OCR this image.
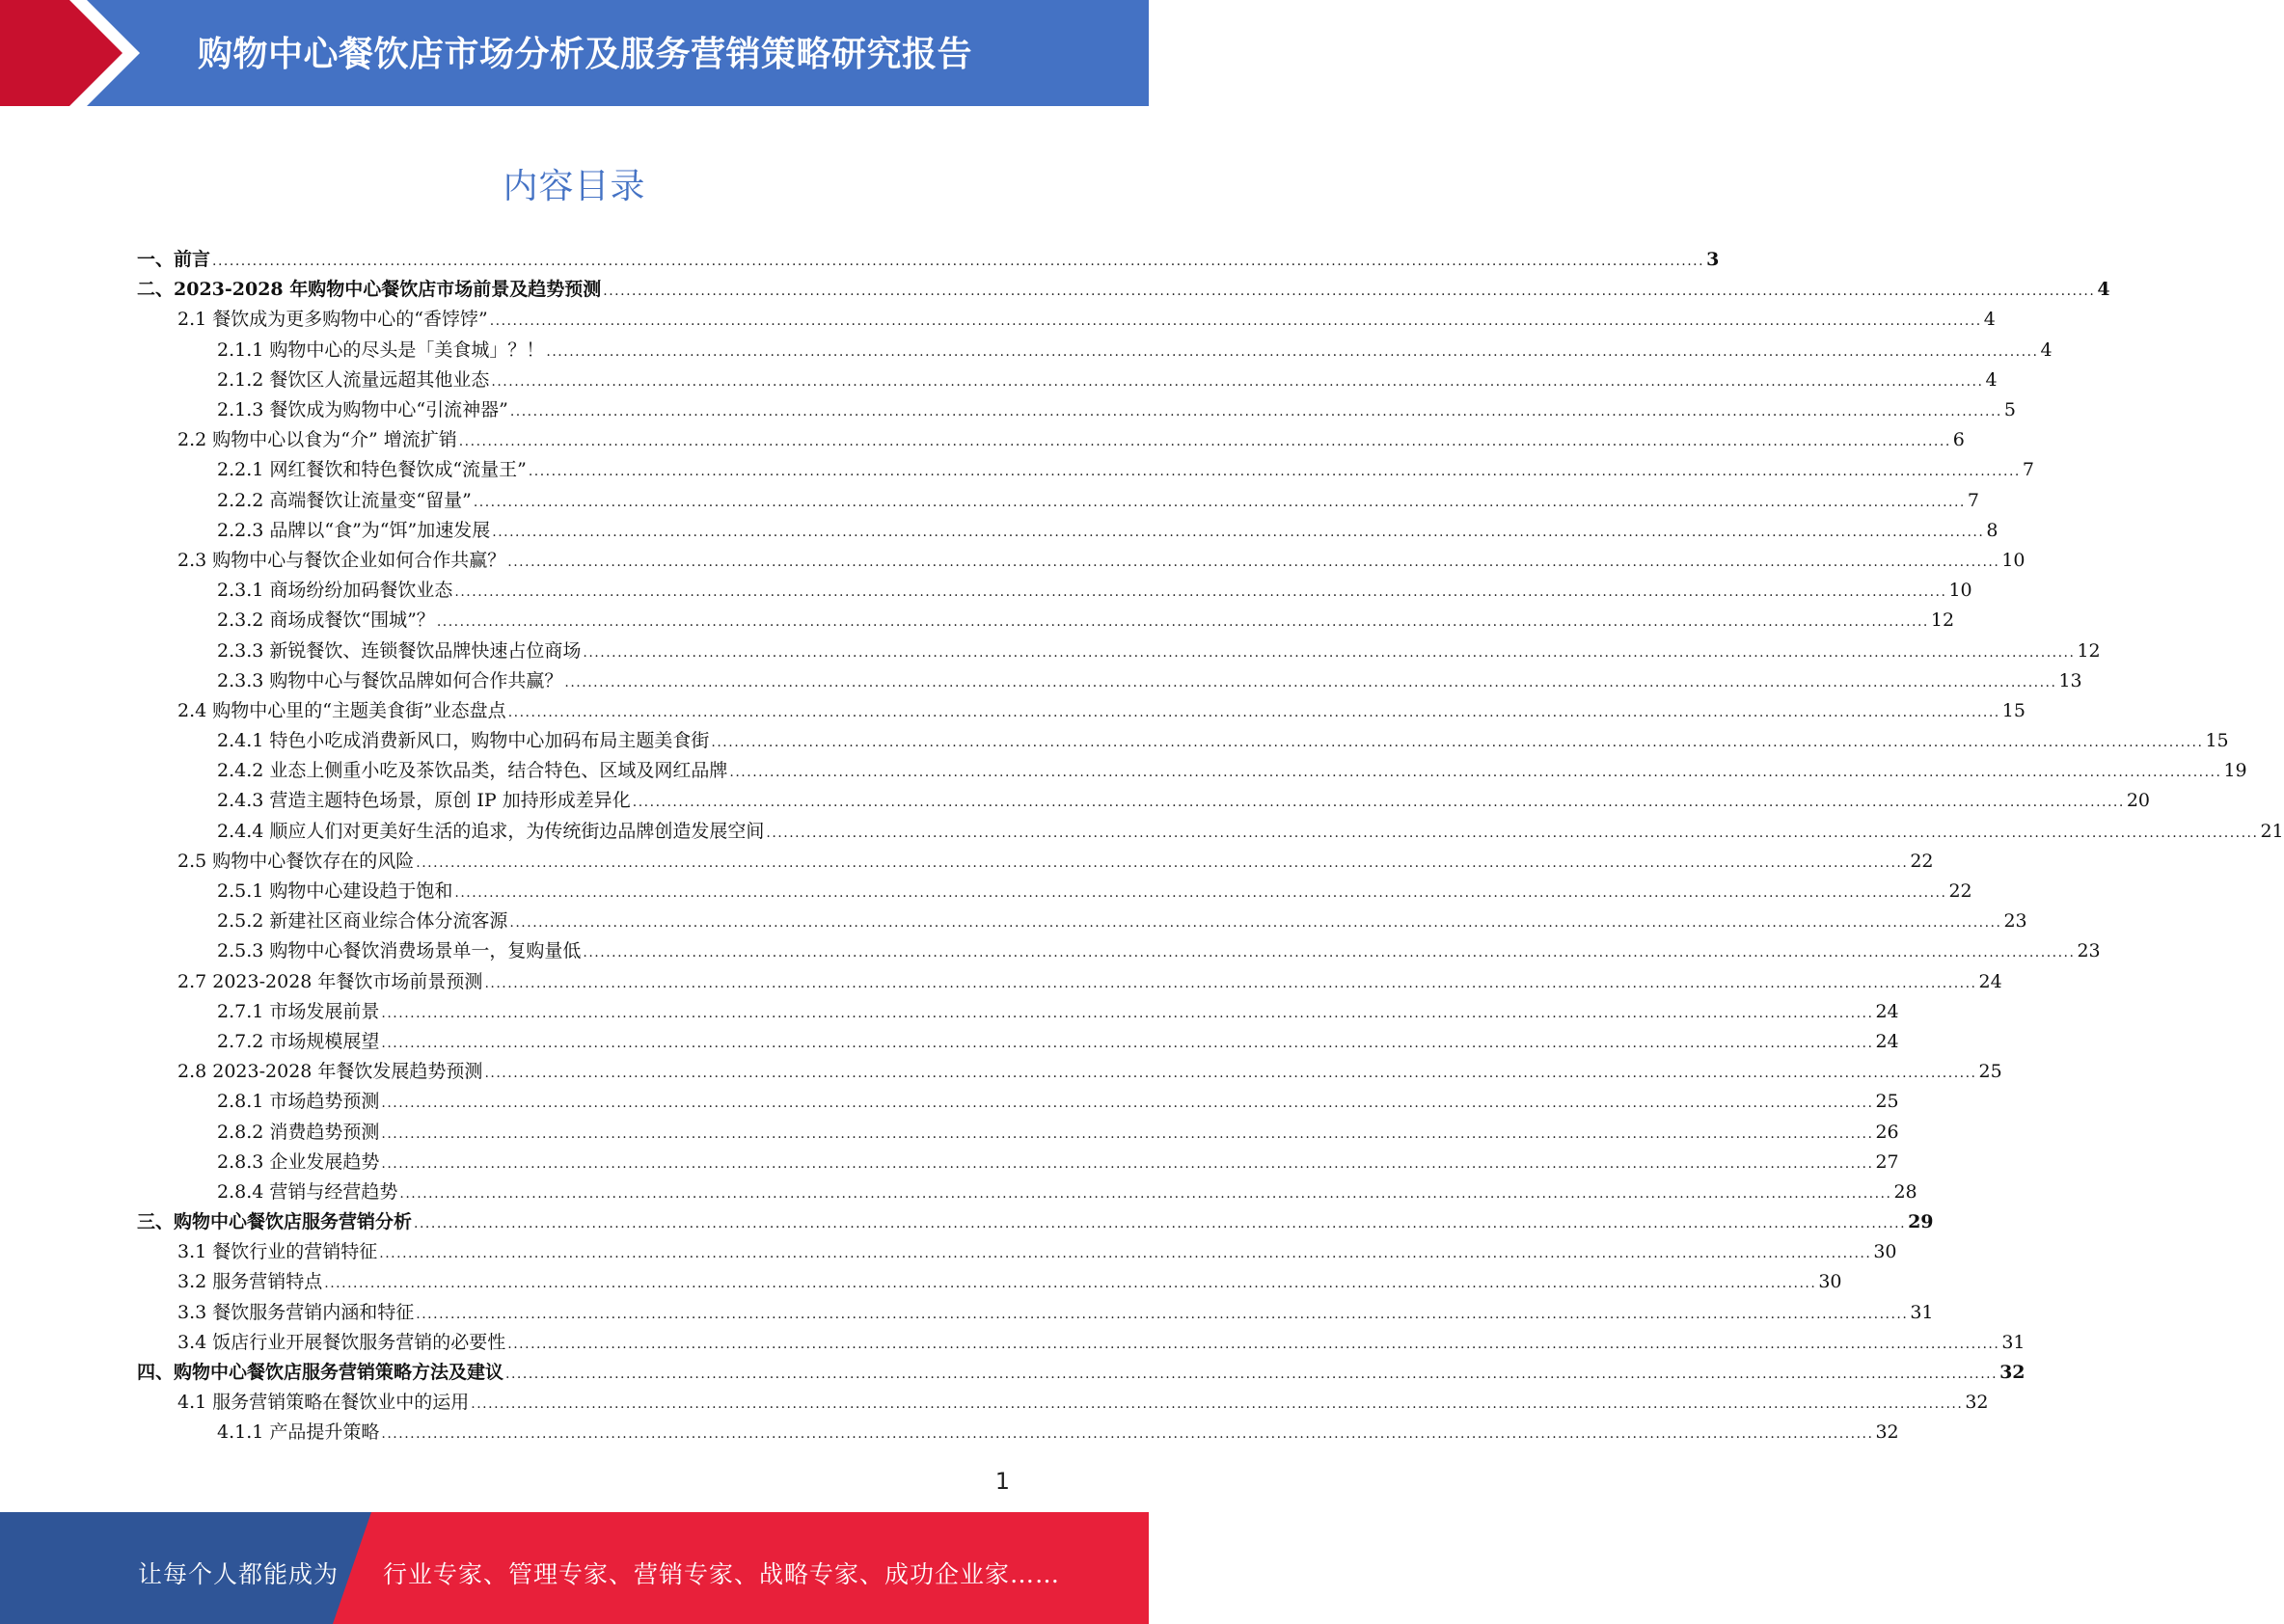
购物中心餐饮店市场分析及服务营销策略研究报告
内容目录
一、前言 .................................................................................................................................................................................................................................................................... 3
二、2023-2028 年购物中心餐饮店市场前景及趋势预测 .................................................................................................................................................................................................................................................................... 4
2.1 餐饮成为更多购物中心的“香饽饽” .................................................................................................................................................................................................................................................................... 4
2.1.1 购物中心的尽头是「美食城」？！ .................................................................................................................................................................................................................................................................... 4
2.1.2 餐饮区人流量远超其他业态 .................................................................................................................................................................................................................................................................... 4
2.1.3 餐饮成为购物中心“引流神器” .................................................................................................................................................................................................................................................................... 5
2.2 购物中心以食为“介” 增流扩销 .................................................................................................................................................................................................................................................................... 6
2.2.1 网红餐饮和特色餐饮成“流量王” .................................................................................................................................................................................................................................................................... 7
2.2.2 高端餐饮让流量变“留量” .................................................................................................................................................................................................................................................................... 7
2.2.3 品牌以“食”为“饵”加速发展 .................................................................................................................................................................................................................................................................... 8
2.3 购物中心与餐饮企业如何合作共赢？ .................................................................................................................................................................................................................................................................... 10
2.3.1 商场纷纷加码餐饮业态 .................................................................................................................................................................................................................................................................... 10
2.3.2 商场成餐饮“围城”？ .................................................................................................................................................................................................................................................................... 12
2.3.3 新锐餐饮、连锁餐饮品牌快速占位商场 .................................................................................................................................................................................................................................................................... 12
2.3.3 购物中心与餐饮品牌如何合作共赢？ .................................................................................................................................................................................................................................................................... 13
2.4 购物中心里的“主题美食街”业态盘点 .................................................................................................................................................................................................................................................................... 15
2.4.1 特色小吃成消费新风口，购物中心加码布局主题美食街 .................................................................................................................................................................................................................................................................... 15
2.4.2 业态上侧重小吃及茶饮品类，结合特色、区域及网红品牌 .................................................................................................................................................................................................................................................................... 19
2.4.3 营造主题特色场景，原创 IP 加持形成差异化 .................................................................................................................................................................................................................................................................... 20
2.4.4 顺应人们对更美好生活的追求，为传统街边品牌创造发展空间 .................................................................................................................................................................................................................................................................... 21
2.5 购物中心餐饮存在的风险 .................................................................................................................................................................................................................................................................... 22
2.5.1 购物中心建设趋于饱和 .................................................................................................................................................................................................................................................................... 22
2.5.2 新建社区商业综合体分流客源 .................................................................................................................................................................................................................................................................... 23
2.5.3 购物中心餐饮消费场景单一，复购量低 .................................................................................................................................................................................................................................................................... 23
2.7 2023-2028 年餐饮市场前景预测 .................................................................................................................................................................................................................................................................... 24
2.7.1 市场发展前景 .................................................................................................................................................................................................................................................................... 24
2.7.2 市场规模展望 .................................................................................................................................................................................................................................................................... 24
2.8 2023-2028 年餐饮发展趋势预测 .................................................................................................................................................................................................................................................................... 25
2.8.1 市场趋势预测 .................................................................................................................................................................................................................................................................... 25
2.8.2 消费趋势预测 .................................................................................................................................................................................................................................................................... 26
2.8.3 企业发展趋势 .................................................................................................................................................................................................................................................................... 27
2.8.4 营销与经营趋势 .................................................................................................................................................................................................................................................................... 28
三、购物中心餐饮店服务营销分析 .................................................................................................................................................................................................................................................................... 29
3.1 餐饮行业的营销特征 .................................................................................................................................................................................................................................................................... 30
3.2 服务营销特点 .................................................................................................................................................................................................................................................................... 30
3.3 餐饮服务营销内涵和特征 .................................................................................................................................................................................................................................................................... 31
3.4 饭店行业开展餐饮服务营销的必要性 .................................................................................................................................................................................................................................................................... 31
四、购物中心餐饮店服务营销策略方法及建议 .................................................................................................................................................................................................................................................................... 32
4.1 服务营销策略在餐饮业中的运用 .................................................................................................................................................................................................................................................................... 32
4.1.1 产品提升策略 .................................................................................................................................................................................................................................................................... 32
1
让每个人都能成为 行业专家、管理专家、营销专家、战略专家、成功企业家……
